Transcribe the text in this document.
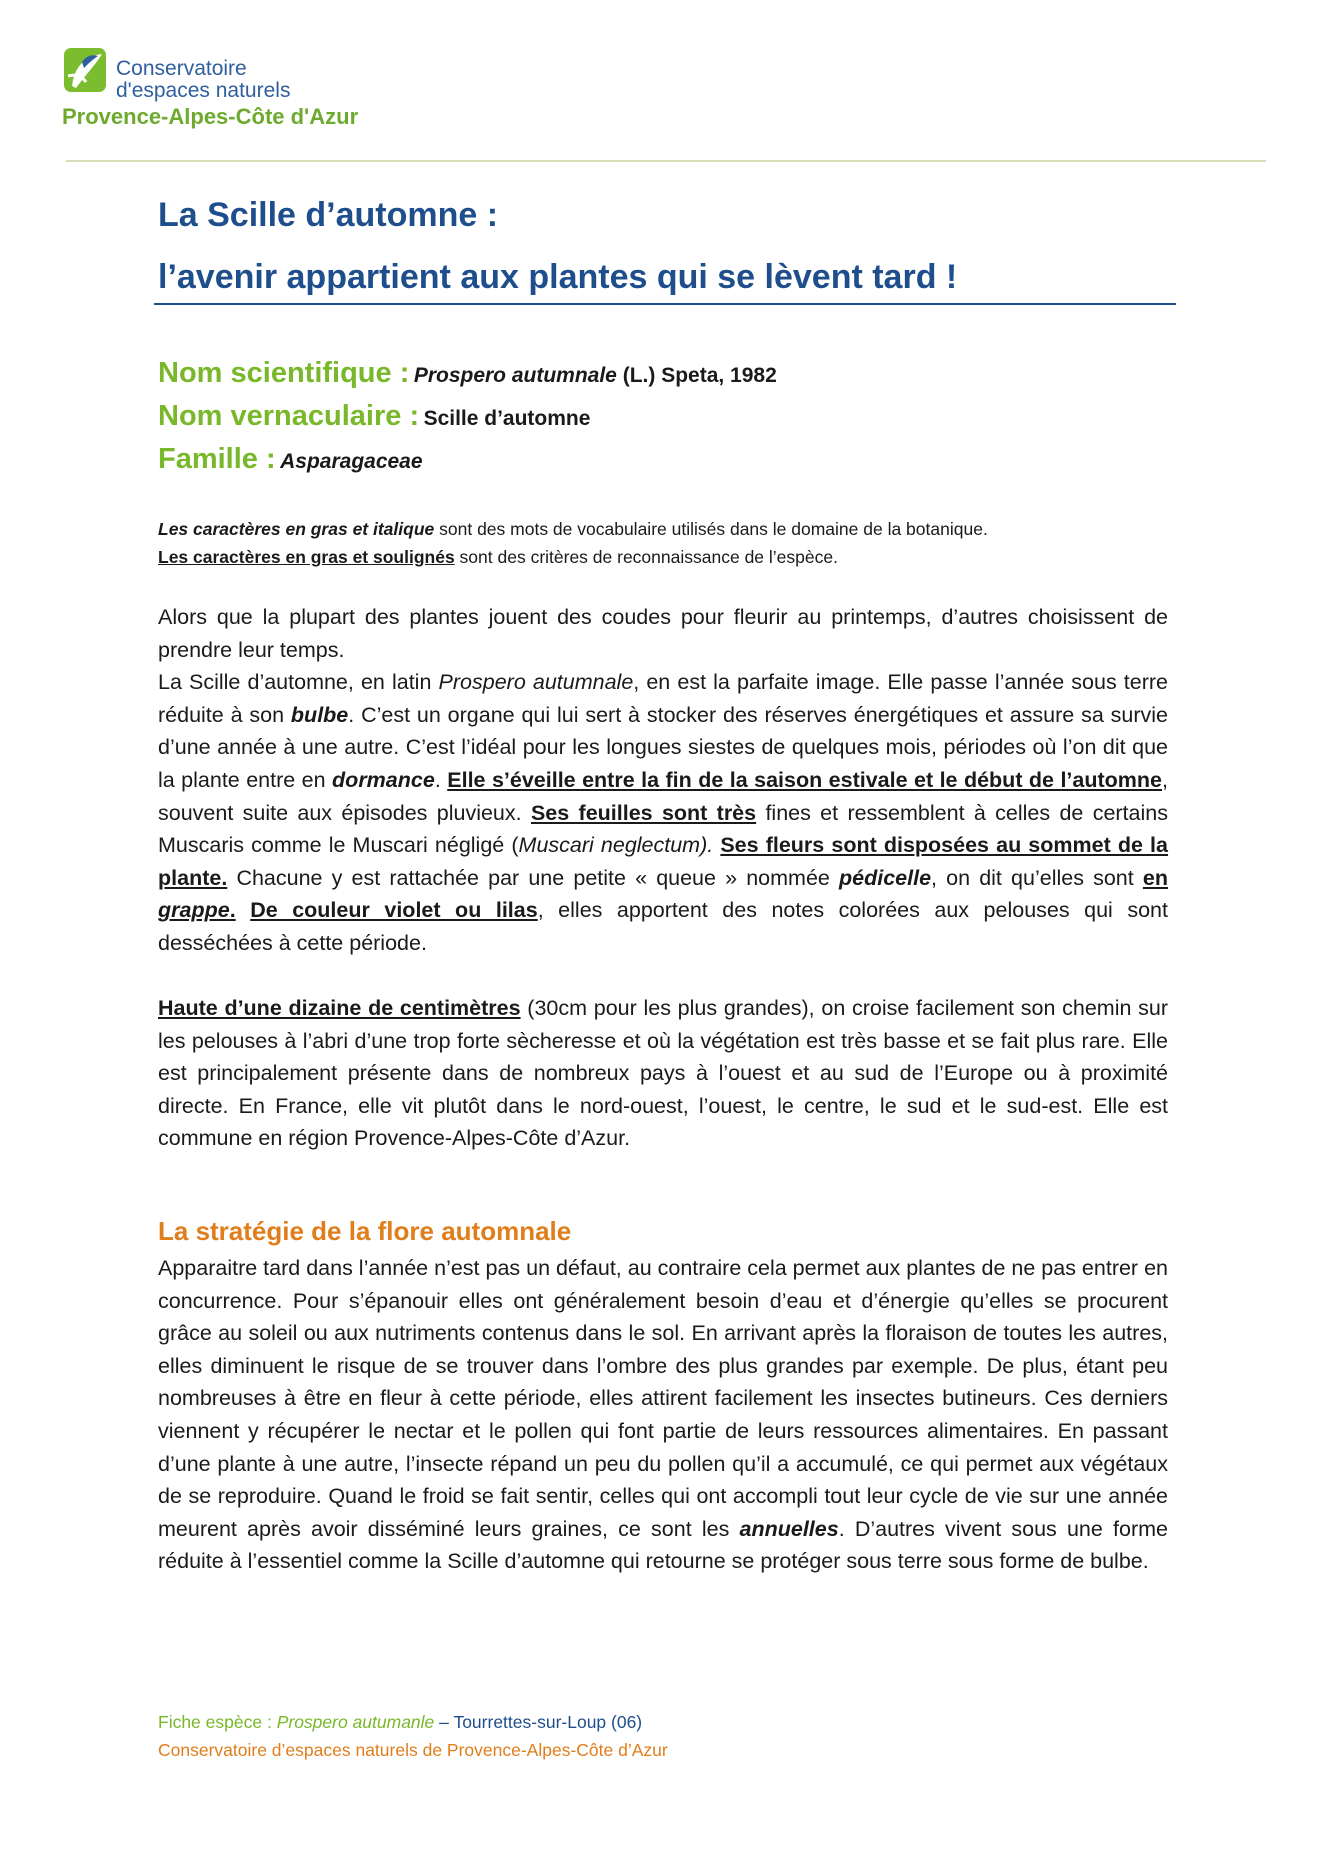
Conservatoire
d'espaces naturels
Provence-Alpes-Côte d'Azur
La Scille d’automne :
l’avenir appartient aux plantes qui se lèvent tard !
Nom scientifique : Prospero autumnale (L.) Speta, 1982
Nom vernaculaire : Scille d’automne
Famille : Asparagaceae
Les caractères en gras et italique sont des mots de vocabulaire utilisés dans le domaine de la botanique.
Les caractères en gras et soulignés sont des critères de reconnaissance de l’espèce.
Alors que la plupart des plantes jouent des coudes pour fleurir au printemps, d’autres choisissent de prendre leur temps.
La Scille d’automne, en latin Prospero autumnale, en est la parfaite image. Elle passe l’année sous terre réduite à son bulbe. C’est un organe qui lui sert à stocker des réserves énergétiques et assure sa survie d’une année à une autre. C’est l’idéal pour les longues siestes de quelques mois, périodes où l’on dit que la plante entre en dormance. Elle s’éveille entre la fin de la saison estivale et le début de l’automne, souvent suite aux épisodes pluvieux. Ses feuilles sont très fines et ressemblent à celles de certains Muscaris comme le Muscari négligé (Muscari neglectum). Ses fleurs sont disposées au sommet de la plante. Chacune y est rattachée par une petite « queue » nommée pédicelle, on dit qu’elles sont en grappe. De couleur violet ou lilas, elles apportent des notes colorées aux pelouses qui sont desséchées à cette période.
Haute d’une dizaine de centimètres (30cm pour les plus grandes), on croise facilement son chemin sur les pelouses à l’abri d’une trop forte sècheresse et où la végétation est très basse et se fait plus rare. Elle est principalement présente dans de nombreux pays à l’ouest et au sud de l’Europe ou à proximité directe. En France, elle vit plutôt dans le nord-ouest, l’ouest, le centre, le sud et le sud-est. Elle est commune en région Provence-Alpes-Côte d’Azur.
La stratégie de la flore automnale
Apparaitre tard dans l’année n’est pas un défaut, au contraire cela permet aux plantes de ne pas entrer en concurrence. Pour s’épanouir elles ont généralement besoin d’eau et d’énergie qu’elles se procurent grâce au soleil ou aux nutriments contenus dans le sol. En arrivant après la floraison de toutes les autres, elles diminuent le risque de se trouver dans l’ombre des plus grandes par exemple. De plus, étant peu nombreuses à être en fleur à cette période, elles attirent facilement les insectes butineurs. Ces derniers viennent y récupérer le nectar et le pollen qui font partie de leurs ressources alimentaires. En passant d’une plante à une autre, l’insecte répand un peu du pollen qu’il a accumulé, ce qui permet aux végétaux de se reproduire. Quand le froid se fait sentir, celles qui ont accompli tout leur cycle de vie sur une année meurent après avoir disséminé leurs graines, ce sont les annuelles. D’autres vivent sous une forme réduite à l’essentiel comme la Scille d’automne qui retourne se protéger sous terre sous forme de bulbe.
Fiche espèce : Prospero autumanle – Tourrettes-sur-Loup (06)
Conservatoire d’espaces naturels de Provence-Alpes-Côte d’Azur
